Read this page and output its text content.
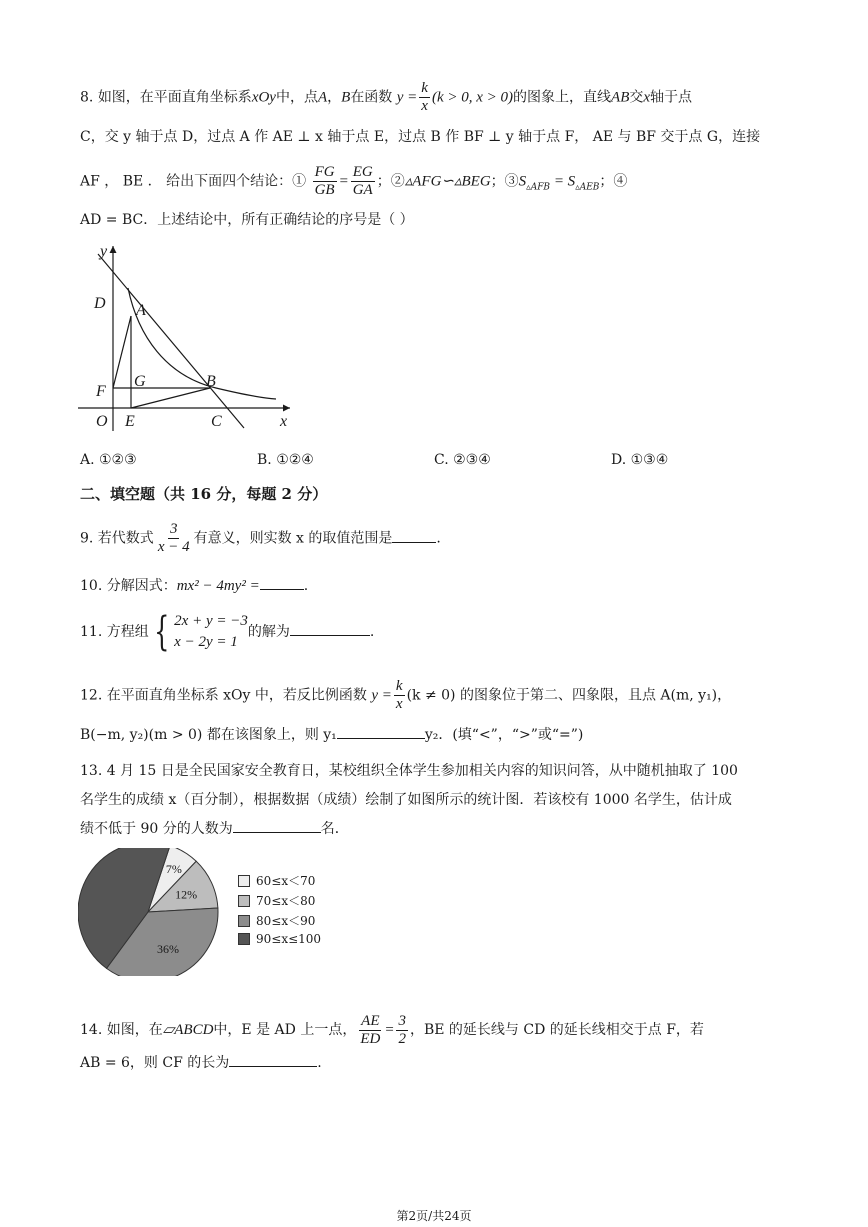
8. 如图，在平面直角坐标系xOy中，点A，B在函数 $y = \frac{k}{x} (k > 0$, x > 0)的图象上，直线AB交x轴于点
C，交 y 轴于点 D，过点 A 作 AE ⊥ x 轴于点 E，过点 B 作 BF ⊥ y 轴于点 F， AE 与 BF 交于点 G，连接
AF ， BE ． 给出下面四个结论：① $\frac{FG}{GB} = \frac{EG}{GA}$ ；②▵AFG∽▵BEG；$③S_{▵AFB} = S_{▵AEB}$；④
AD = BC．上述结论中，所有正确结论的序号是（ ）
y
D A
F
G	B
O E	C	x
A. ①②③	B. ①②④	C. ②③④	D. ①③④
二、填空题（共 16 分，每题 2 分）
9. 若代数式 $\frac{3}{x - 4}$ 有意义，则实数 x 的取值范围是	.
10. 分解因式：mx² − 4my² =	.
11. 方程组 { 2x + y = −3
x − 2y = 1
的解为	.
12. 在平面直角坐标系 xOy 中，若反比例函数 $y = \frac{k}{x} (k \ne 0)$ 的图象位于第二、四象限，且点 A(m, y₁)，
B(−m, y₂)(m > 0) 都在该图象上，则 y₁	y₂．(填“<”，“>”或“=”)
13. 4 月 15 日是全民国家安全教育日，某校组织全体学生参加相关内容的知识问答，从中随机抽取了 100
名学生的成绩 x（百分制），根据数据（成绩）绘制了如图所示的统计图．若该校有 1000 名学生，估计成
绩不低于 90 分的人数为	名．
7%
12%
36%
60≤x＜70
70≤x＜80
80≤x＜90
90≤x≤100
14. 如图，在▱ABCD中，E 是 AD 上一点， $\frac{AE}{ED} = \frac{3}{2}$ ，BE 的延长线与 CD 的延长线相交于点 F，若
AB = 6，则 CF 的长为	.
第2页/共24页
